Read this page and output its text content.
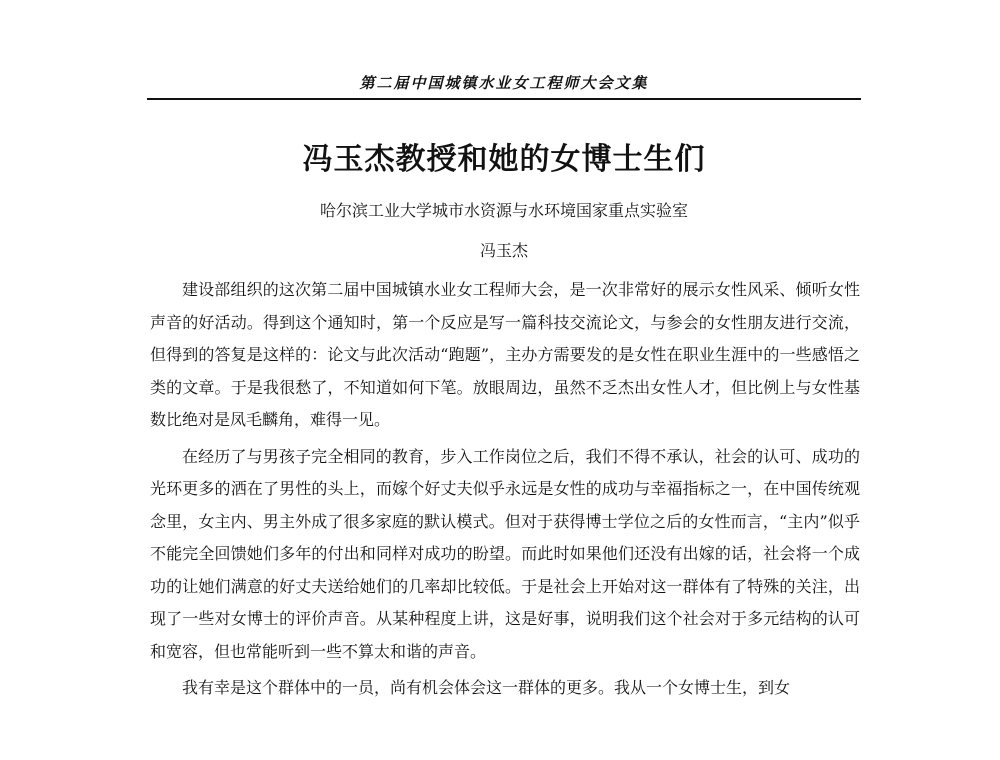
第二届中国城镇水业女工程师大会文集
冯玉杰教授和她的女博士生们
哈尔滨工业大学城市水资源与水环境国家重点实验室
冯玉杰

建设部组织的这次第二届中国城镇水业女工程师大会，是一次非常好的展示女性风采、倾听女性声音的好活动。得到这个通知时，第一个反应是写一篇科技交流论文，与参会的女性朋友进行交流，但得到的答复是这样的：论文与此次活动“跑题”，主办方需要发的是女性在职业生涯中的一些感悟之类的文章。于是我很愁了，不知道如何下笔。放眼周边，虽然不乏杰出女性人才，但比例上与女性基数比绝对是凤毛麟角，难得一见。

在经历了与男孩子完全相同的教育，步入工作岗位之后，我们不得不承认，社会的认可、成功的光环更多的洒在了男性的头上，而嫁个好丈夫似乎永远是女性的成功与幸福指标之一，在中国传统观念里，女主内、男主外成了很多家庭的默认模式。但对于获得博士学位之后的女性而言，“主内”似乎不能完全回馈她们多年的付出和同样对成功的盼望。而此时如果他们还没有出嫁的话，社会将一个成功的让她们满意的好丈夫送给她们的几率却比较低。于是社会上开始对这一群体有了特殊的关注，出现了一些对女博士的评价声音。从某种程度上讲，这是好事，说明我们这个社会对于多元结构的认可和宽容，但也常能听到一些不算太和谐的声音。

我有幸是这个群体中的一员，尚有机会体会这一群体的更多。我从一个女博士生，到女
